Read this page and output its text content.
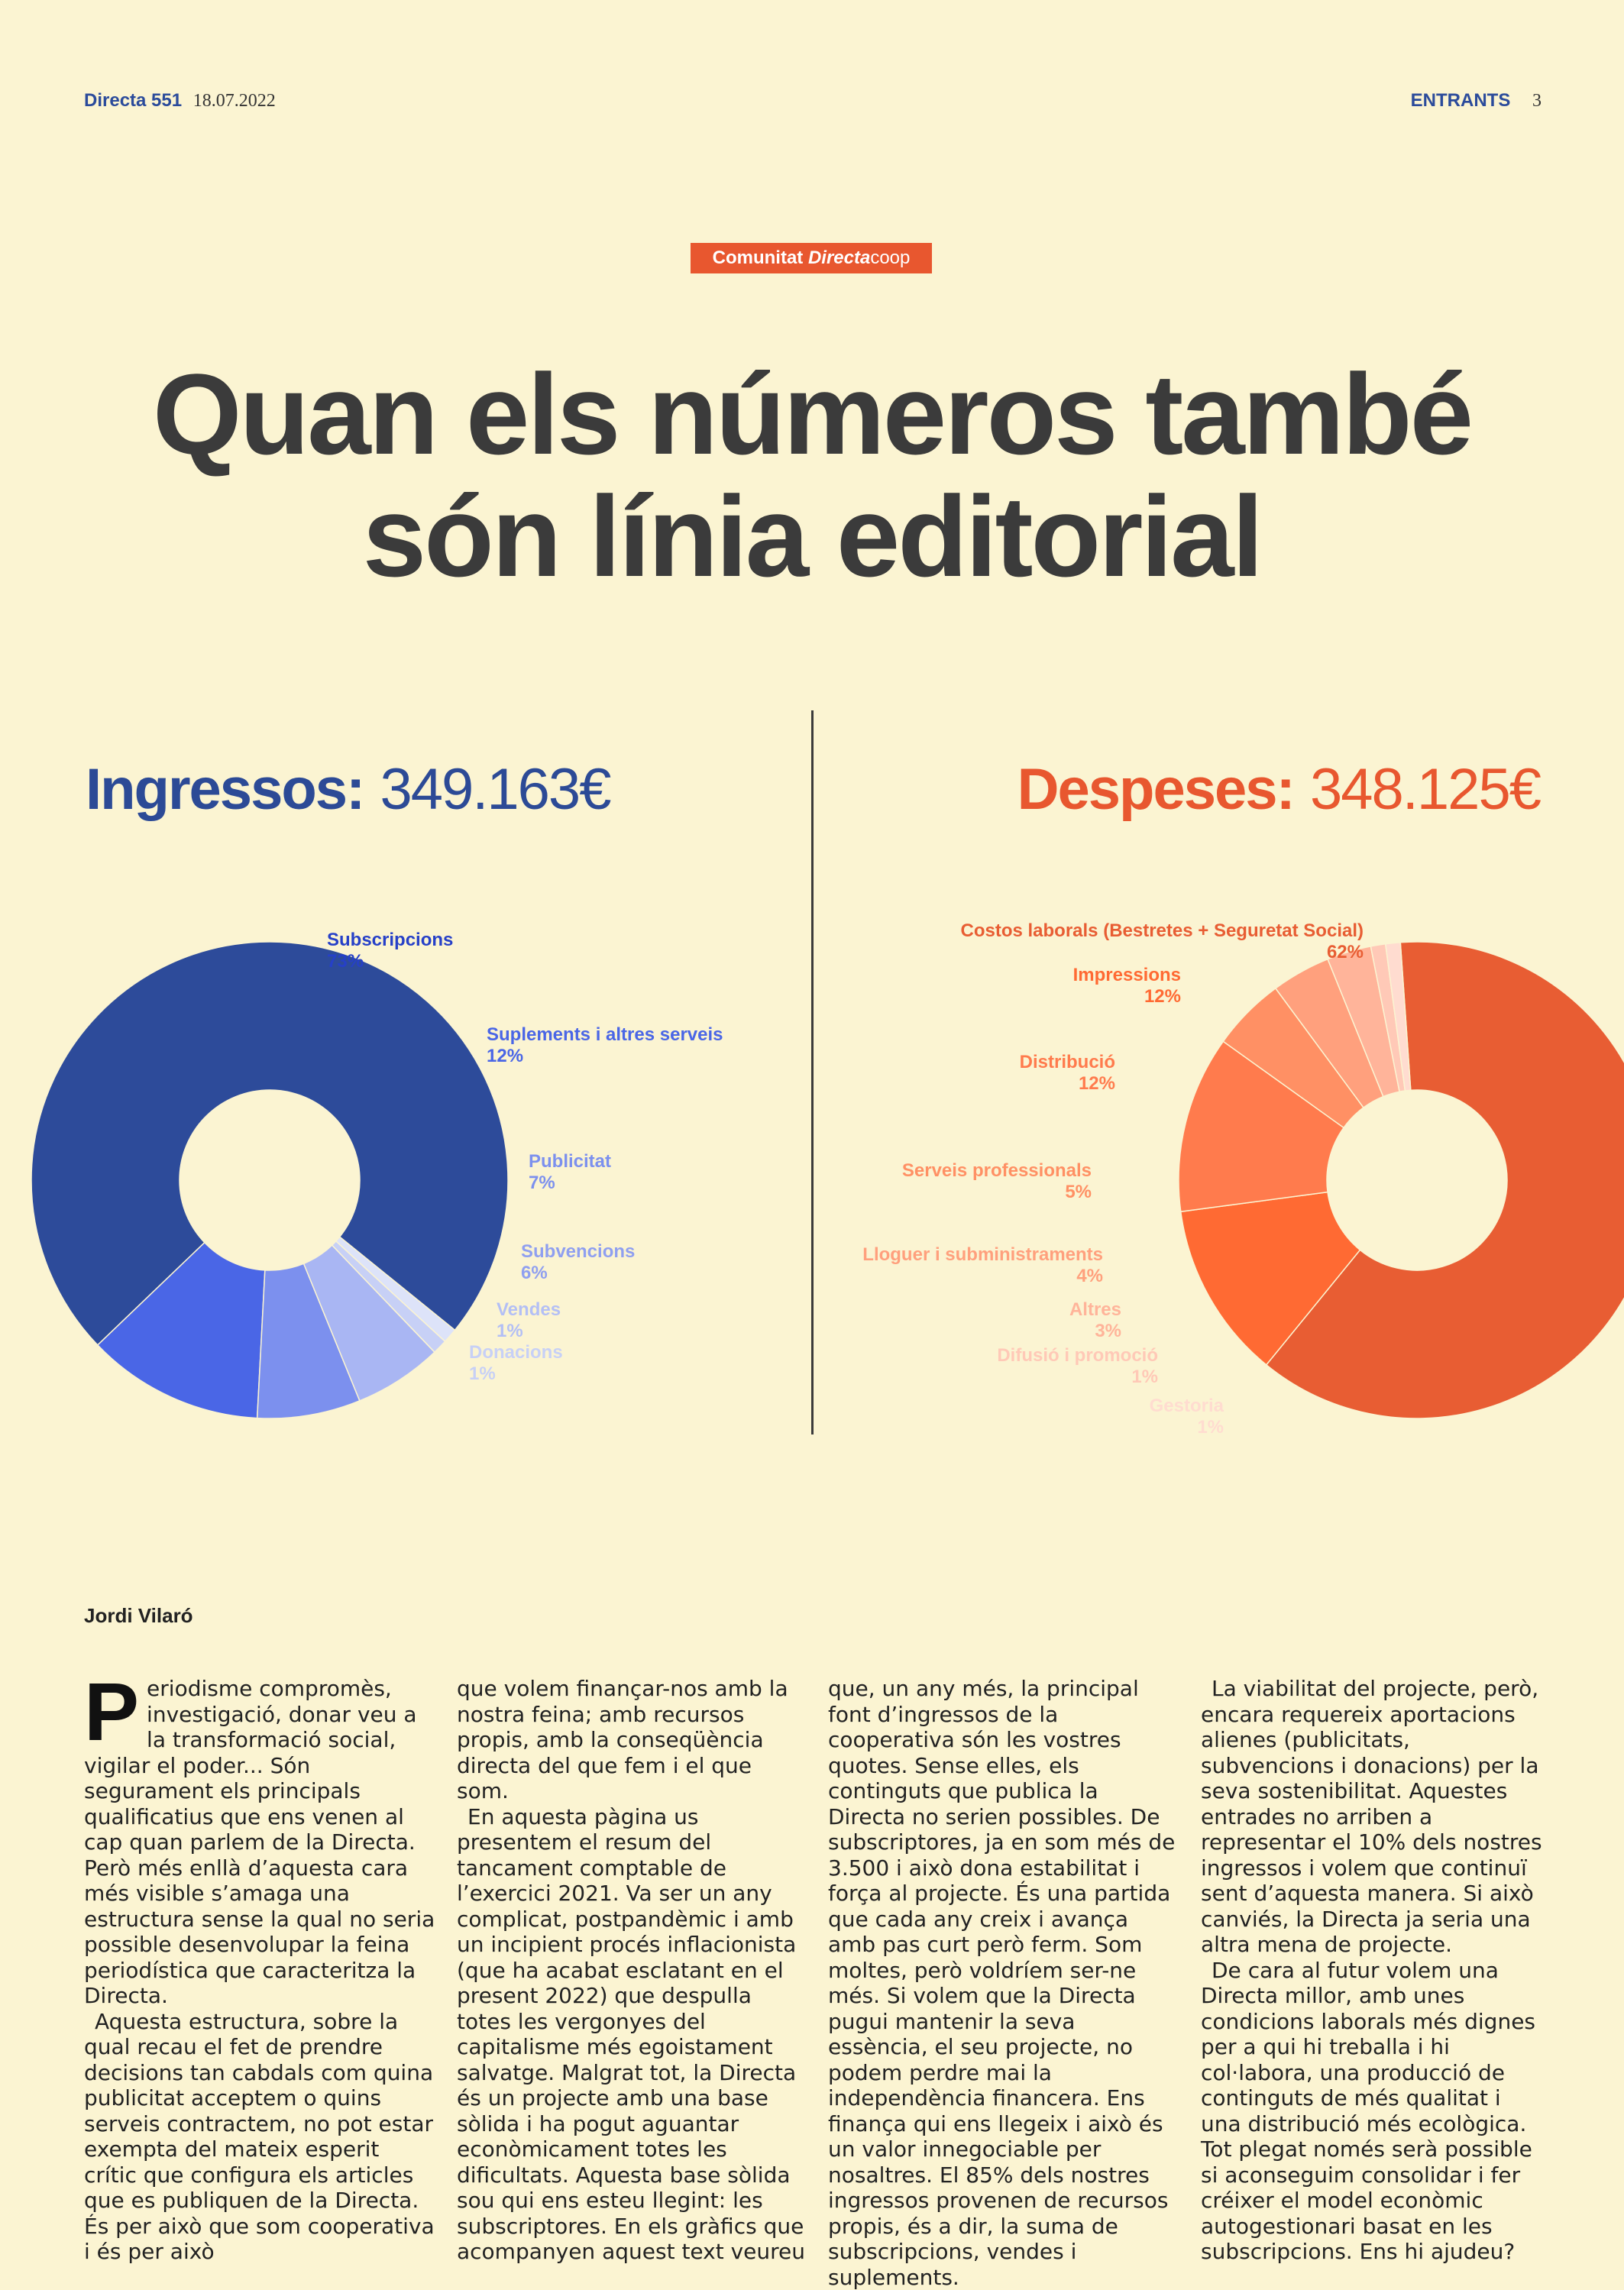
Directa 551 18.07.2022	ENTRANTS 3
Comunitat Directacoop
Quan els números també
són línia editorial
Ingressos: 349.163€	Despeses: 348.125€
Subscripcions
73%
Suplements i altres serveis
12%
Publicitat
7%
Subvencions
6%
Vendes
1%
Donacions
1%
Costos laborals (Bestretes + Seguretat Social)
62%
Impressions
12%
Distribució
12%
Serveis professionals
5%
Lloguer i subministraments
4%
Altres
3%
Difusió i promoció
1%
Gestoria
1%
Jordi Vilaró
P eriodisme compromès, investigació, donar veu a la transformació social, vigilar el poder... Són segurament els principals qualificatius que ens venen al cap quan parlem de la Directa. Però més enllà d’aquesta cara més visible s’amaga una estructura sense la qual no seria possible desenvolupar la feina periodística que caracteritza la Directa.

Aquesta estructura, sobre la qual recau el fet de prendre decisions tan cabdals com quina publicitat acceptem o quins serveis contractem, no pot estar exempta del mateix esperit crític que configura els articles que es publiquen de la Directa. És per això que som cooperativa i és per això

que volem finançar-nos amb la nostra feina; amb recursos propis, amb la conseqüència directa del que fem i el que som.

En aquesta pàgina us presentem el resum del tancament comptable de l’exercici 2021. Va ser un any complicat, postpandèmic i amb un incipient procés inflacionista (que ha acabat esclatant en el present 2022) que despulla totes les vergonyes del capitalisme més egoistament salvatge. Malgrat tot, la Directa és un projecte amb una base sòlida i ha pogut aguantar econòmicament totes les dificultats. Aquesta base sòlida sou qui ens esteu llegint: les subscriptores. En els gràfics que acompanyen aquest text veureu

que, un any més, la principal font d’ingressos de la cooperativa són les vostres quotes. Sense elles, els continguts que publica la Directa no serien possibles. De subscriptores, ja en som més de 3.500 i això dona estabilitat i força al projecte. És una partida que cada any creix i avança amb pas curt però ferm. Som moltes, però voldríem ser-ne més. Si volem que la Directa pugui mantenir la seva essència, el seu projecte, no podem perdre mai la independència financera. Ens finança qui ens llegeix i això és un valor innegociable per nosaltres. El 85% dels nostres ingressos provenen de recursos propis, és a dir, la suma de subscripcions, vendes i suplements.

La viabilitat del projecte, però, encara requereix aportacions alienes (publicitats, subvencions i donacions) per la seva sostenibilitat. Aquestes entrades no arriben a representar el 10% dels nostres ingressos i volem que continuï sent d’aquesta manera. Si això canviés, la Directa ja seria una altra mena de projecte.

De cara al futur volem una Directa millor, amb unes condicions laborals més dignes per a qui hi treballa i hi col·labora, una producció de continguts de més qualitat i una distribució més ecològica. Tot plegat només serà possible si aconseguim consolidar i fer créixer el model econòmic autogestionari basat en les subscripcions. Ens hi ajudeu?
